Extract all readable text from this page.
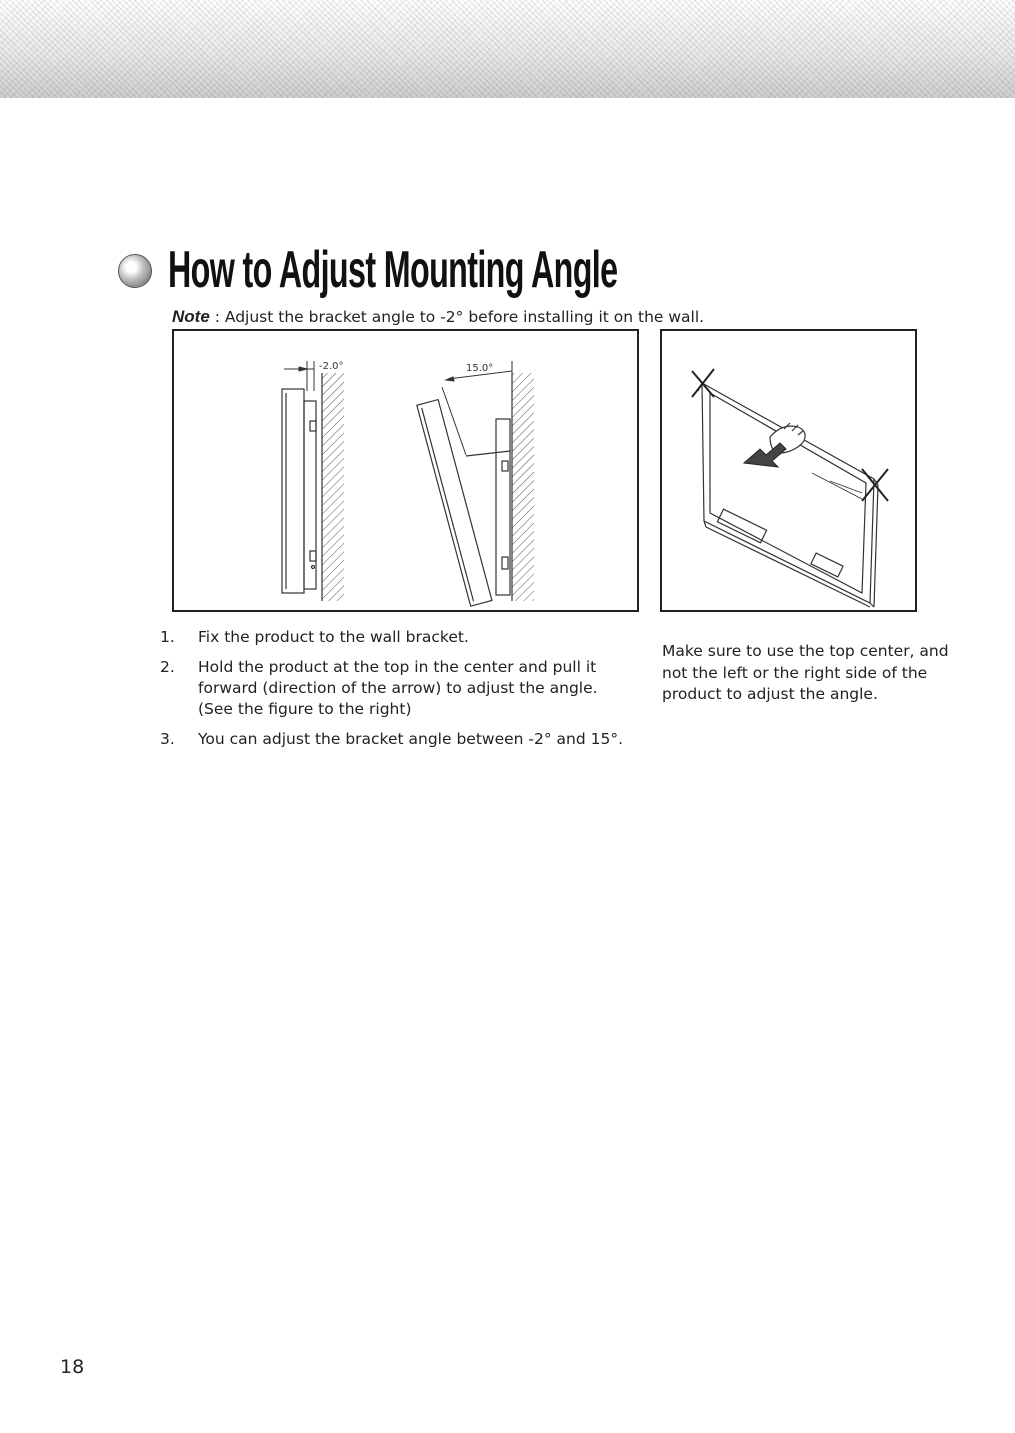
How to Adjust Mounting Angle
Note : Adjust the bracket angle to -2° before installing it on the wall.
-2.0°	15.0°
1.	Fix the product to the wall bracket.
2.	Hold the product at the top in the center and pull it forward (direction of the arrow) to adjust the angle.
(See the figure to the right)
3.	You can adjust the bracket angle between -2° and 15°.

Make sure to use the top center, and not the left or the right side of the product to adjust the angle.

18
